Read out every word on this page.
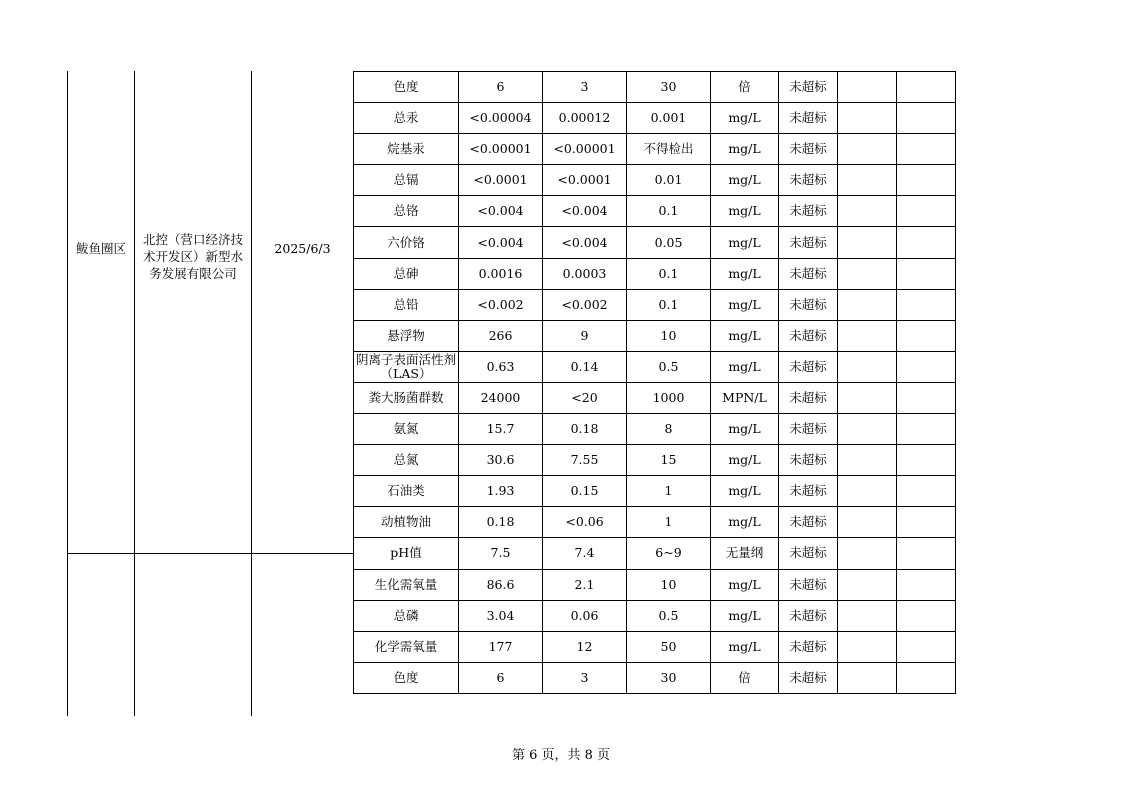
鲅鱼圈区
北控（营口经济技术开发区）新型水务发展有限公司
2025/6/3
色度	6	3	30	倍	未超标		
总汞	<0.00004	0.00012	0.001	mg/L	未超标		
烷基汞	<0.00001	<0.00001	不得检出	mg/L	未超标		
总镉	<0.0001	<0.0001	0.01	mg/L	未超标		
总铬	<0.004	<0.004	0.1	mg/L	未超标		
六价铬	<0.004	<0.004	0.05	mg/L	未超标		
总砷	0.0016	0.0003	0.1	mg/L	未超标		
总铅	<0.002	<0.002	0.1	mg/L	未超标		
悬浮物	266	9	10	mg/L	未超标		
阴离子表面活性剂（LAS）	0.63	0.14	0.5	mg/L	未超标		
粪大肠菌群数	24000	<20	1000	MPN/L	未超标		
氨氮	15.7	0.18	8	mg/L	未超标		
总氮	30.6	7.55	15	mg/L	未超标		
石油类	1.93	0.15	1	mg/L	未超标		
动植物油	0.18	<0.06	1	mg/L	未超标		
pH值	7.5	7.4	6~9	无量纲	未超标		
生化需氧量	86.6	2.1	10	mg/L	未超标		
总磷	3.04	0.06	0.5	mg/L	未超标		
化学需氧量	177	12	50	mg/L	未超标		
色度	6	3	30	倍	未超标		
第 6 页，共 8 页
